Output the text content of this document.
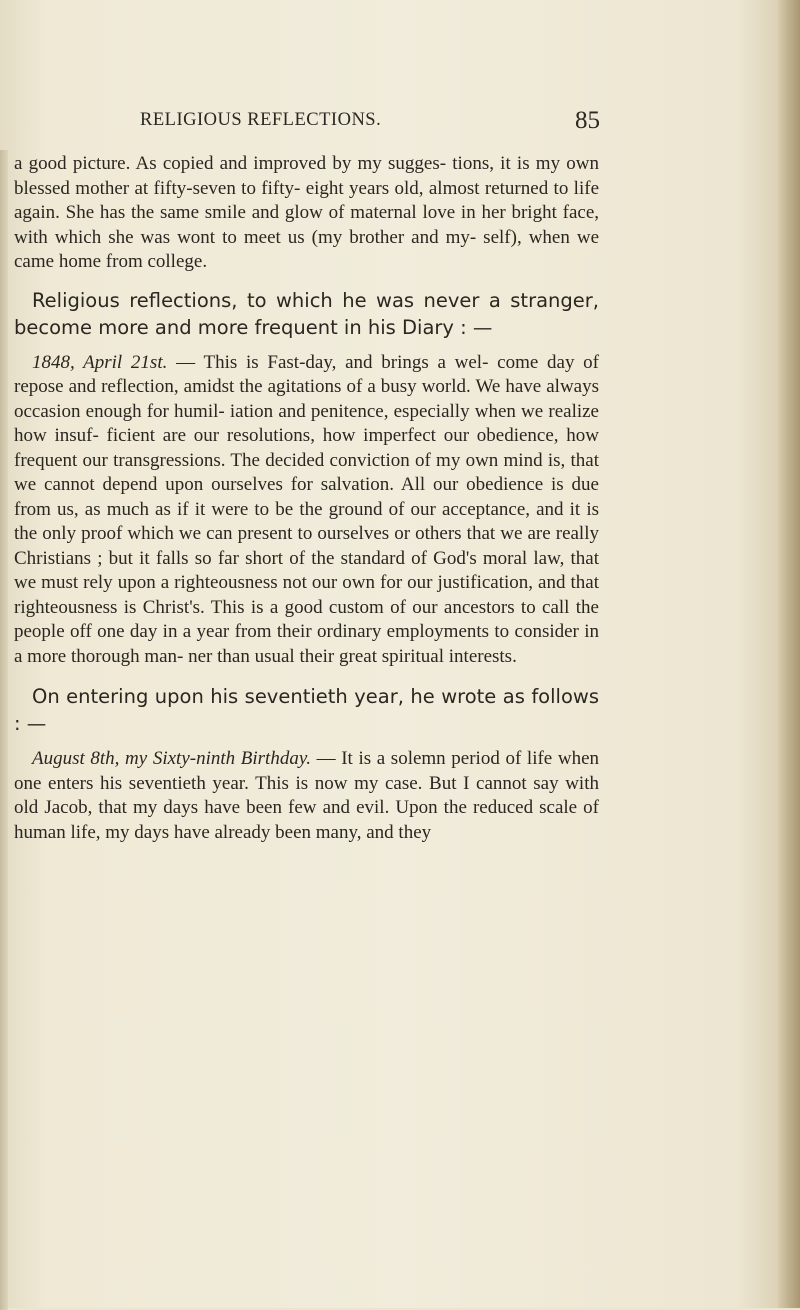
RELIGIOUS REFLECTIONS.	85

a good picture. As copied and improved by my sugges- tions, it is my own blessed mother at fifty-seven to fifty- eight years old, almost returned to life again. She has the same smile and glow of maternal love in her bright face, with which she was wont to meet us (my brother and my- self), when we came home from college.

Religious reflections, to which he was never a stranger, become more and more frequent in his Diary : —

1848, April 21st. — This is Fast-day, and brings a wel- come day of repose and reflection, amidst the agitations of a busy world. We have always occasion enough for humil- iation and penitence, especially when we realize how insuf- ficient are our resolutions, how imperfect our obedience, how frequent our transgressions. The decided conviction of my own mind is, that we cannot depend upon ourselves for salvation. All our obedience is due from us, as much as if it were to be the ground of our acceptance, and it is the only proof which we can present to ourselves or others that we are really Christians ; but it falls so far short of the standard of God's moral law, that we must rely upon a righteousness not our own for our justification, and that righteousness is Christ's. This is a good custom of our ancestors to call the people off one day in a year from their ordinary employments to consider in a more thorough man- ner than usual their great spiritual interests.

On entering upon his seventieth year, he wrote as follows : —

August 8th, my Sixty-ninth Birthday. — It is a solemn period of life when one enters his seventieth year. This is now my case. But I cannot say with old Jacob, that my days have been few and evil. Upon the reduced scale of human life, my days have already been many, and they
